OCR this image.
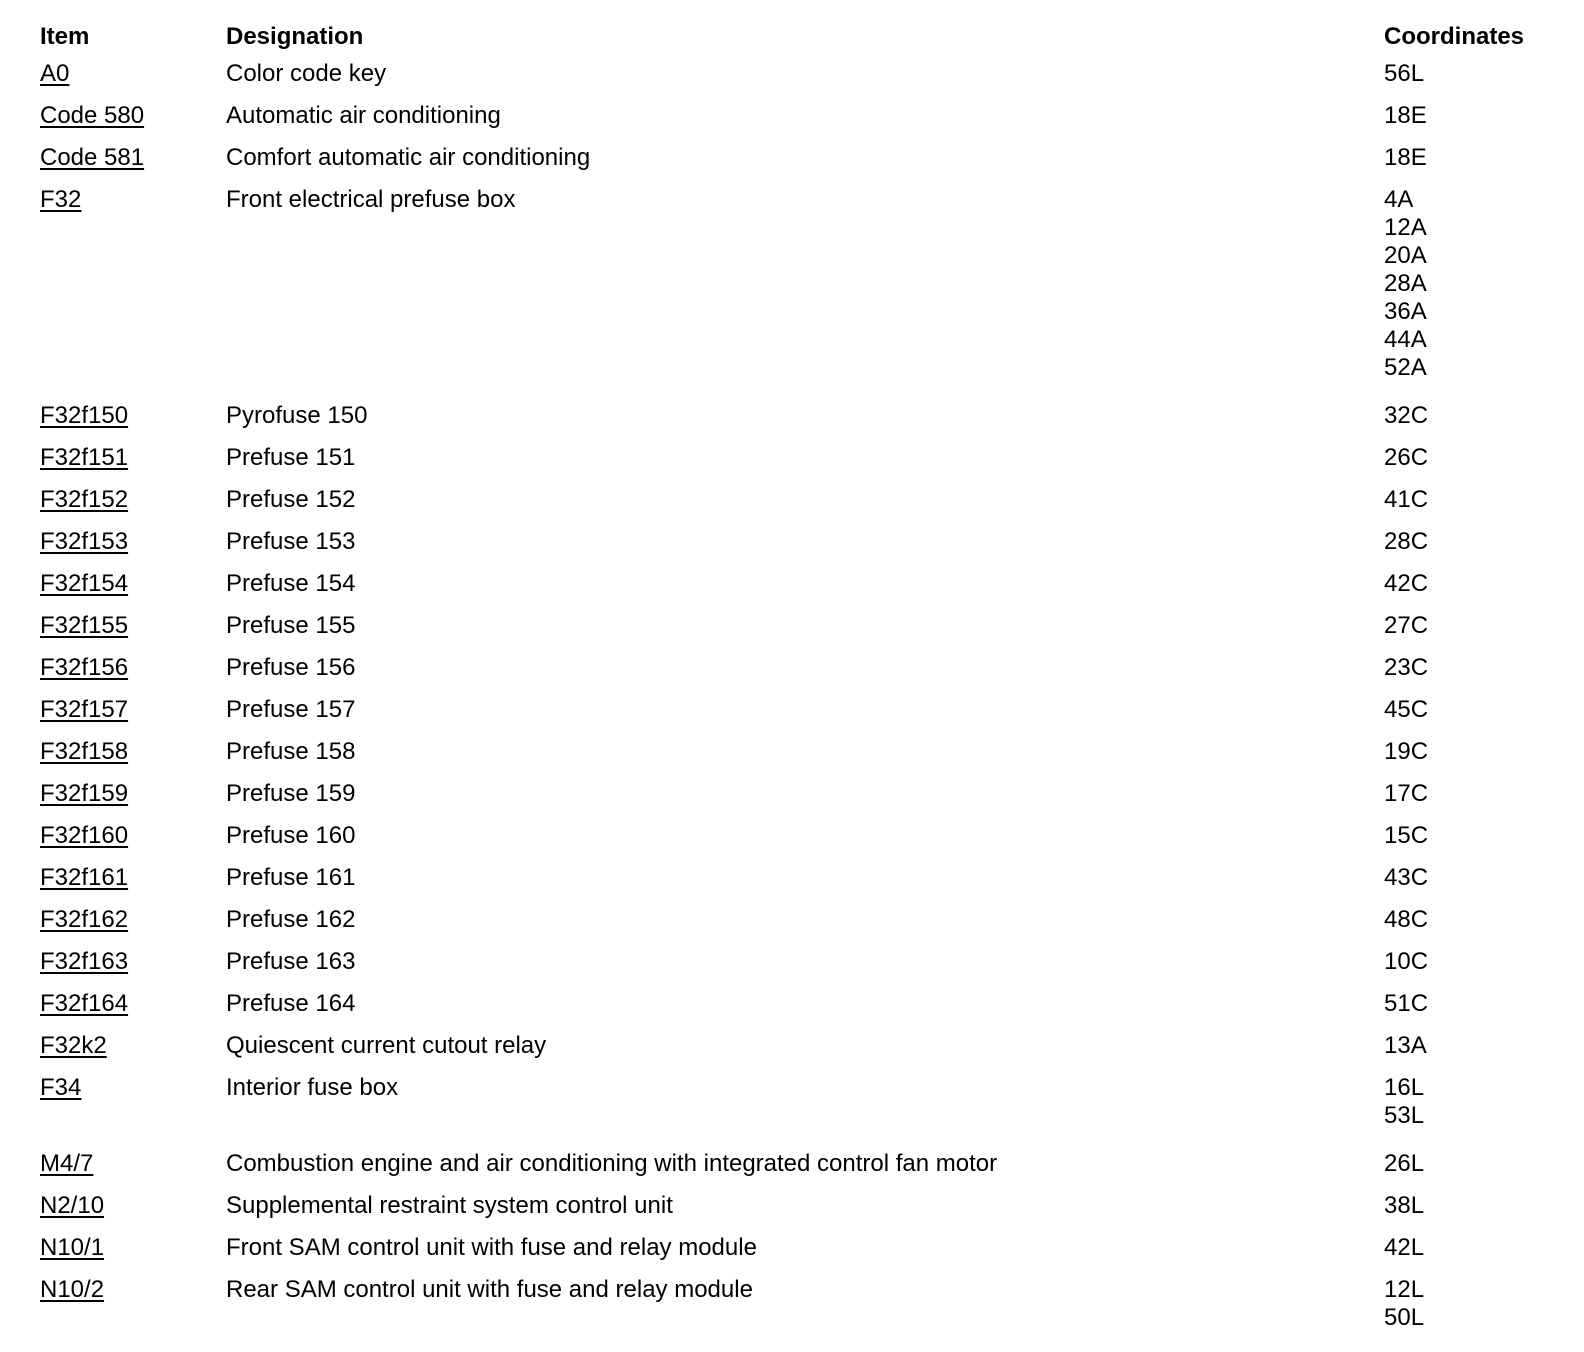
Item	Designation	Coordinates
A0	Color code key	56L
Code 580	Automatic air conditioning	18E
Code 581	Comfort automatic air conditioning	18E
F32	Front electrical prefuse box	4A
12A
20A
28A
36A
44A
52A
F32f150	Pyrofuse 150	32C
F32f151	Prefuse 151	26C
F32f152	Prefuse 152	41C
F32f153	Prefuse 153	28C
F32f154	Prefuse 154	42C
F32f155	Prefuse 155	27C
F32f156	Prefuse 156	23C
F32f157	Prefuse 157	45C
F32f158	Prefuse 158	19C
F32f159	Prefuse 159	17C
F32f160	Prefuse 160	15C
F32f161	Prefuse 161	43C
F32f162	Prefuse 162	48C
F32f163	Prefuse 163	10C
F32f164	Prefuse 164	51C
F32k2	Quiescent current cutout relay	13A
F34	Interior fuse box	16L
53L
M4/7	Combustion engine and air conditioning with integrated control fan motor	26L
N2/10	Supplemental restraint system control unit	38L
N10/1	Front SAM control unit with fuse and relay module	42L
N10/2	Rear SAM control unit with fuse and relay module	12L
50L
